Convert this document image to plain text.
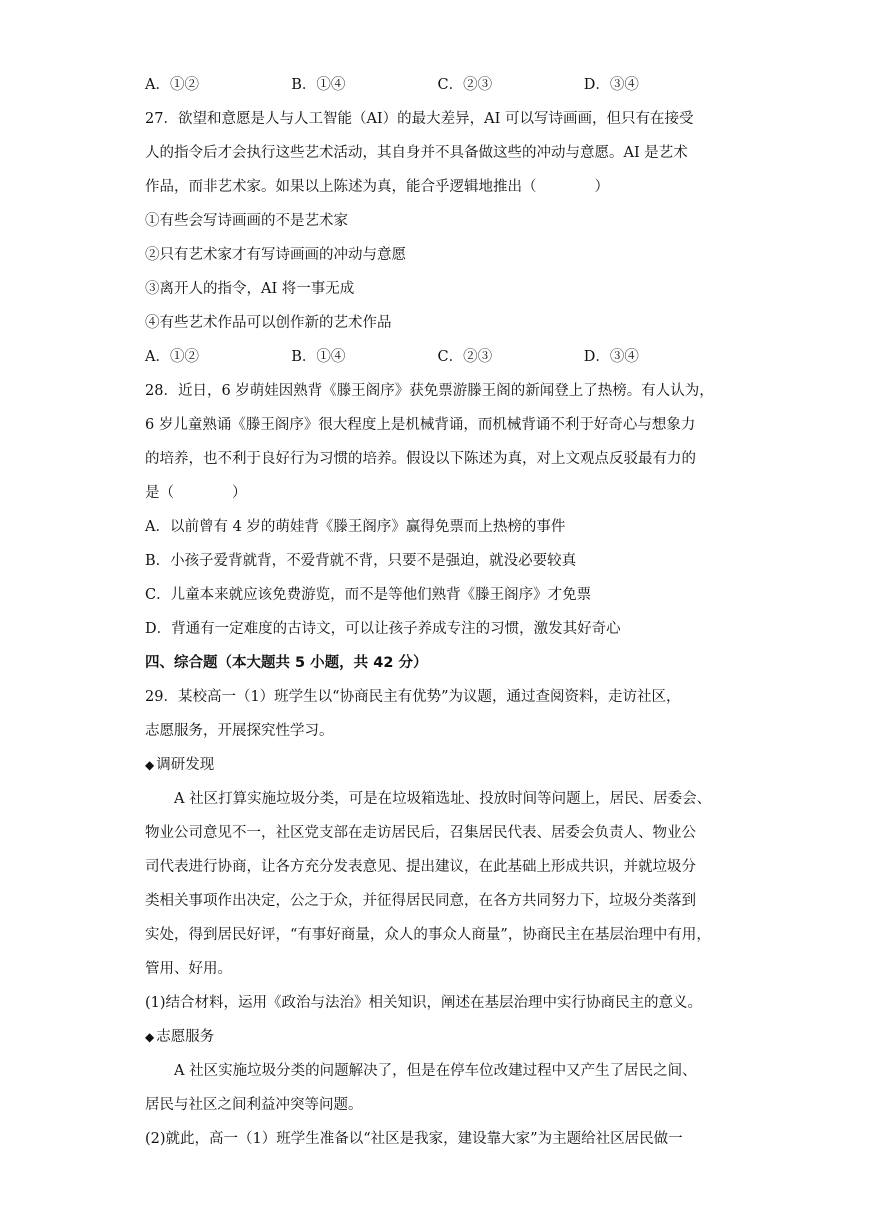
A．①②	B．①④	C．②③	D．③④
27．欲望和意愿是人与人工智能（AI）的最大差异，AI 可以写诗画画，但只有在接受
人的指令后才会执行这些艺术活动，其自身并不具备做这些的冲动与意愿。AI 是艺术
作品，而非艺术家。如果以上陈述为真，能合乎逻辑地推出（　　　　）
①有些会写诗画画的不是艺术家
②只有艺术家才有写诗画画的冲动与意愿
③离开人的指令，AI 将一事无成
④有些艺术作品可以创作新的艺术作品
A．①②	B．①④	C．②③	D．③④
28．近日，6 岁萌娃因熟背《滕王阁序》获免票游滕王阁的新闻登上了热榜。有人认为，
6 岁儿童熟诵《滕王阁序》很大程度上是机械背诵，而机械背诵不利于好奇心与想象力
的培养，也不利于良好行为习惯的培养。假设以下陈述为真，对上文观点反驳最有力的
是（　　　　）
A．以前曾有 4 岁的萌娃背《滕王阁序》赢得免票而上热榜的事件
B．小孩子爱背就背，不爱背就不背，只要不是强迫，就没必要较真
C．儿童本来就应该免费游览，而不是等他们熟背《滕王阁序》才免票
D．背通有一定难度的古诗文，可以让孩子养成专注的习惯，激发其好奇心
四、综合题（本大题共 5 小题，共 42 分）
29．某校高一（1）班学生以“协商民主有优势”为议题，通过查阅资料，走访社区，
志愿服务，开展探究性学习。
◆ 调研发现
A 社区打算实施垃圾分类，可是在垃圾箱选址、投放时间等问题上，居民、居委会、
物业公司意见不一，社区党支部在走访居民后，召集居民代表、居委会负责人、物业公
司代表进行协商，让各方充分发表意见、提出建议，在此基础上形成共识，并就垃圾分
类相关事项作出决定，公之于众，并征得居民同意，在各方共同努力下，垃圾分类落到
实处，得到居民好评，“有事好商量，众人的事众人商量”，协商民主在基层治理中有用，
管用、好用。
(1)结合材料，运用《政治与法治》相关知识，阐述在基层治理中实行协商民主的意义。
◆ 志愿服务
A 社区实施垃圾分类的问题解决了，但是在停车位改建过程中又产生了居民之间、
居民与社区之间利益冲突等问题。
(2)就此，高一（1）班学生准备以“社区是我家，建设靠大家”为主题给社区居民做一
